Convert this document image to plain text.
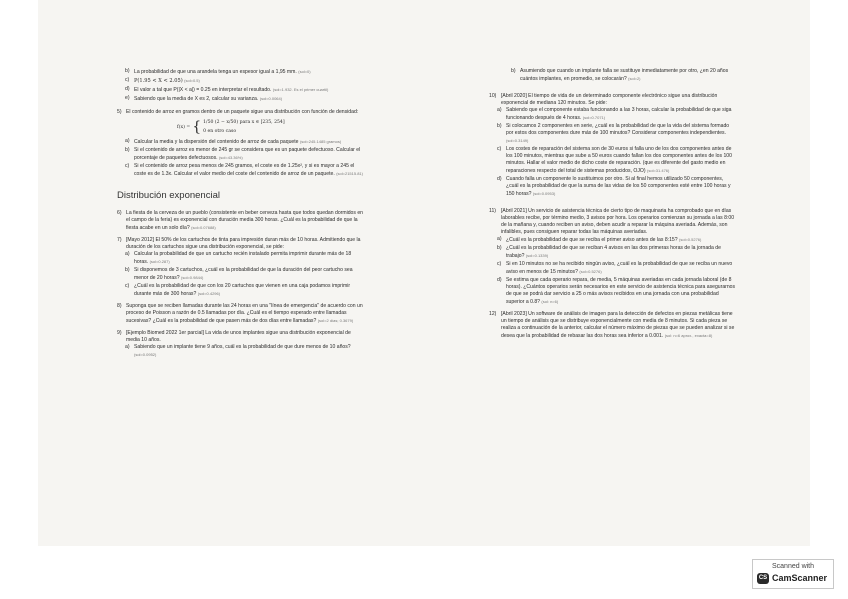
b) La probabilidad de que una arandela tenga un espesor igual a 1,95 mm. (sol=0)
c) P(1.95 < X < 2.05) (sol=0.5)
d) El valor a tal que P(|X < a|) = 0.25 en interpretar el resultado. (sol=1.932. Es el primer cuartil)
e) Sabiendo que la media de X es 2, calcular su varianza. (sol=0.0064)
5) El contenido de arroz en gramos dentro de un paquete sigue una distribución con función de densidad:
f(x) = { 1/50 (2 − x/50) para x ∈ [235, 254]
0 en otro caso
a) Calcular la media y la dispersión del contenido de arroz de cada paquete (sol=245.1485 gramos)
b) Si el contenido de arroz es menor de 245 gr se considera que es un paquete defectuoso. Calcular el porcentaje de paquetes defectuosos. (sol=43.36%)
c) Si el contenido de arroz pesa menos de 245 gramos, el coste es de 1.25x², y si es mayor a 245 el coste es de 1.3x. Calcular el valor medio del coste del contenido de arroz de un paquete. (sol=21515.81)
Distribución exponencial
6) La fiesta de la cerveza de un pueblo (consistente en beber cerveza hasta que todos quedan dormidos en el campo de la feria) es exponencial con duración media 300 horas. ¿Cuál es la probabilidad de que la fiesta acabe en un solo día? (sol=0.07688)
7) [Mayo 2012] El 50% de los cartuchos de tinta para impresión duran más de 10 horas. Admitiendo que la duración de los cartuchos sigue una distribución exponencial, se pide:
a) Calcular la probabilidad de que un cartucho recién instalado permita imprimir durante más de 18 horas. (sol=0.287)
b) Si disponemos de 3 cartuchos, ¿cuál es la probabilidad de que la duración del peor cartucho sea menor de 20 horas? (sol=0.9844)
c) ¿Cuál es la probabilidad de que con los 20 cartuchos que vienen en una caja podamos imprimir durante más de 300 horas? (sol=0.4296)
8) Suponga que se reciben llamadas durante las 24 horas en una "línea de emergencia" de acuerdo con un proceso de Poisson a razón de 0.5 llamadas por día. ¿Cuál es el tiempo esperado entre llamadas sucesivas? ¿Cuál es la probabilidad de que pasen más de dos días entre llamadas? (sol=2 días; 0.3679)
9) [Ejemplo Biomed 2022 1er parcial] La vida de unos implantes sigue una distribución exponencial de media 10 años.
a) Sabiendo que un implante tiene 9 años, cuál es la probabilidad de que dure menos de 10 años? (sol=0.0952)
b) Asumiendo que cuando un implante falla se sustituye inmediatamente por otro, ¿en 20 años cuántos implantes, en promedio, se colocarán? (sol=2)
10) [Abril 2020] El tiempo de vida de un determinado componente electrónico sigue una distribución exponencial de mediana 120 minutos. Se pide:
a) Sabiendo que el componente estaba funcionando a las 3 horas, calcular la probabilidad de que siga funcionando después de 4 horas. (sol=0.7071)
b) Si colocamos 2 componentes en serie, ¿cuál es la probabilidad de que la vida del sistema formado por estos dos componentes dure más de 100 minutos? Considerar componentes independientes. (sol=0.3149)
c) Los costes de reparación del sistema son de 30 euros si falla uno de los dos componentes antes de los 100 minutos, mientras que sube a 50 euros cuando fallan los dos componentes antes de los 100 minutos. Hallar el valor medio de dicho coste de reparación. (que es diferente del gasto medio en reparaciones respecto del total de sistemas producidos, OJO) (sol=31.476)
d) Cuando falla un componente lo sustituimos por otro. Si al final hemos utilizado 50 componentes, ¿cuál es la probabilidad de que la suma de las vidas de los 50 componentes esté entre 100 horas y 150 horas? (sol=0.0953)
11) [Abril 2021] Un servicio de asistencia técnica de cierto tipo de maquinaria ha comprobado que en días laborables recibe, por término medio, 3 avisos por hora. Los operarios comienzan su jornada a las 8:00 de la mañana y, cuando reciben un aviso, deben acudir a reparar la máquina averiada. Además, son infalibles, pues consiguen reparar todas las máquinas averiadas.
a) ¿Cuál es la probabilidad de que se reciba el primer aviso antes de las 8:15? (sol=0.5276)
b) ¿Cuál es la probabilidad de que se reciban 4 avisos en las dos primeras horas de la jornada de trabajo? (sol=0.1339)
c) Si en 10 minutos no se ha recibido ningún aviso, ¿cuál es la probabilidad de que se reciba un nuevo aviso en menos de 15 minutos? (sol=0.5276)
d) Se estima que cada operario repara, de media, 5 máquinas averiadas en cada jornada laboral (de 8 horas). ¿Cuántos operarios serán necesarios en este servicio de asistencia técnica para asegurarnos de que se podrá dar servicio a 25 o más avisos recibidos en una jornada con una probabilidad superior a 0.8? (sol: n=6)
12) [Abril 2023] Un software de análisis de imagen para la detección de defectos en piezas metálicas tiene un tiempo de análisis que se distribuye exponencialmente con media de 8 minutos. Si cada pieza se realiza a continuación de la anterior, calcular el número máximo de piezas que se pueden analizar si se desea que la probabilidad de rebasar las dos horas sea inferior a 0.001. (sol: n=6 aprox., exacta=8)
Scanned with
CS CamScanner
